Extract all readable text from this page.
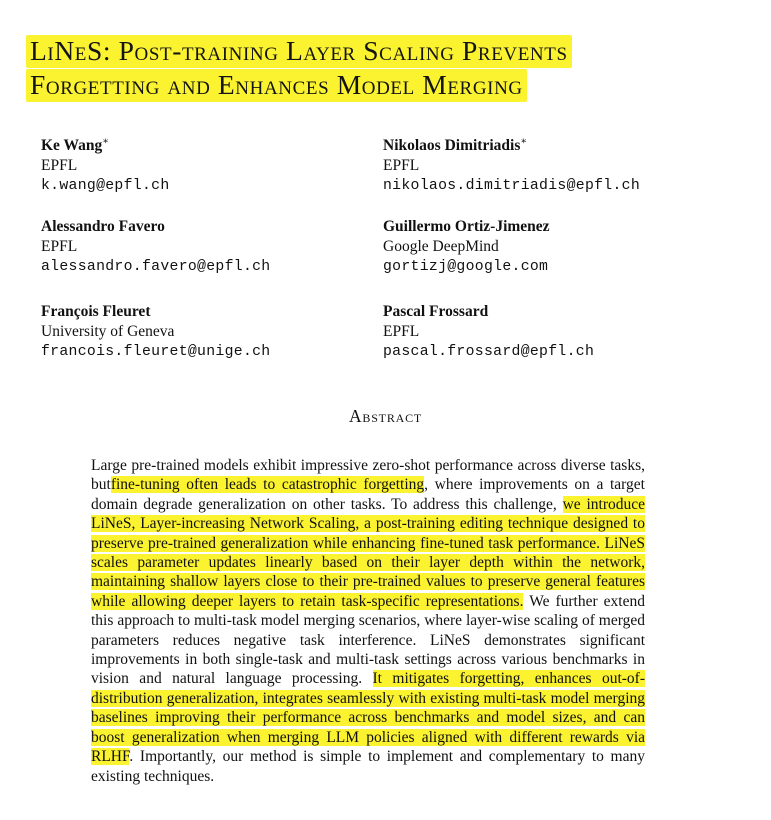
LiNeS: Post-training Layer Scaling Prevents
Forgetting and Enhances Model Merging
Ke Wang∗
EPFL
k.wang@epfl.ch
Nikolaos Dimitriadis∗
EPFL
nikolaos.dimitriadis@epfl.ch
Alessandro Favero
EPFL
alessandro.favero@epfl.ch
Guillermo Ortiz-Jimenez
Google DeepMind
gortizj@google.com
François Fleuret
University of Geneva
francois.fleuret@unige.ch
Pascal Frossard
EPFL
pascal.frossard@epfl.ch
Abstract
Large pre-trained models exhibit impressive zero-shot performance across diverse tasks, butfine-tuning often leads to catastrophic forgetting, where improvements on a target domain degrade generalization on other tasks. To address this challenge, we introduce LiNeS, Layer-increasing Network Scaling, a post-training editing technique designed to preserve pre-trained generalization while enhancing fine-tuned task performance. LiNeS scales parameter updates linearly based on their layer depth within the network, maintaining shallow layers close to their pre-trained values to preserve general features while allowing deeper layers to retain task-specific representations. We further extend this approach to multi-task model merging scenarios, where layer-wise scaling of merged parameters reduces negative task interference. LiNeS demonstrates significant improvements in both single-task and multi-task settings across various benchmarks in vision and natural language processing. It mitigates forgetting, enhances out-of-distribution generalization, integrates seamlessly with existing multi-task model merging baselines improving their performance across benchmarks and model sizes, and can boost generalization when merging LLM policies aligned with different rewards via RLHF. Importantly, our method is simple to implement and complementary to many existing techniques.
